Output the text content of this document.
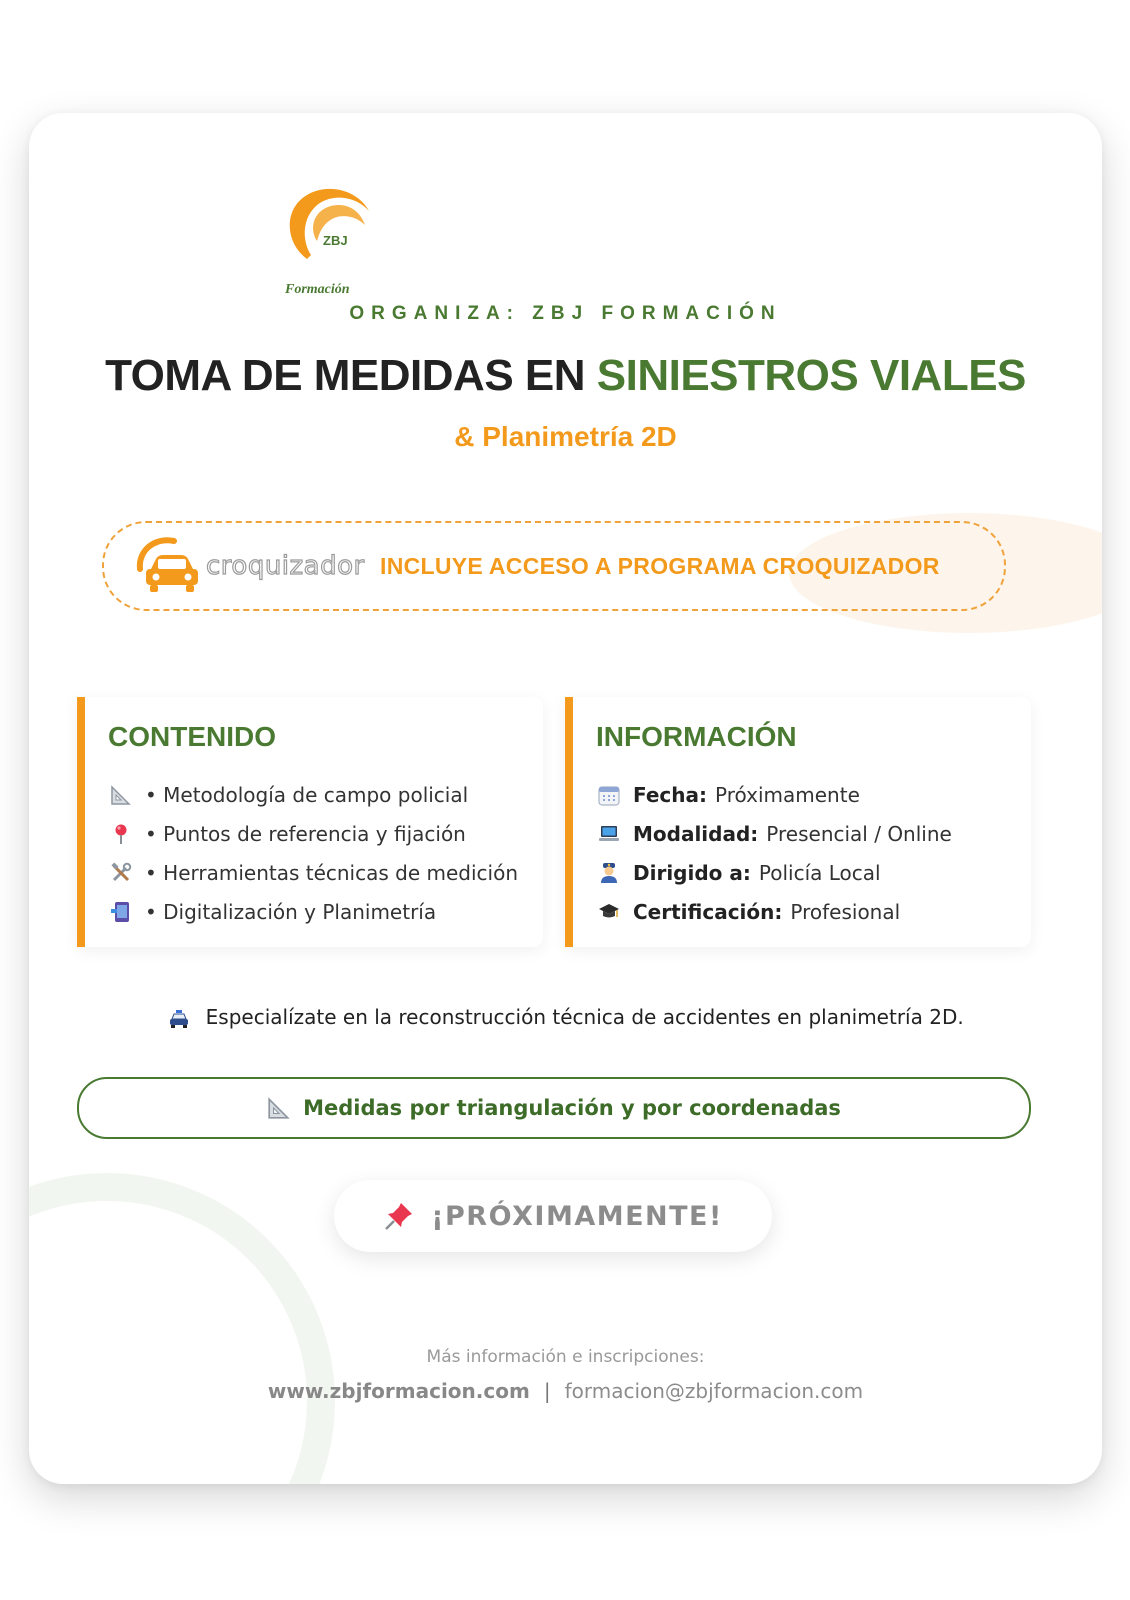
ZBJ
Formación
ORGANIZA: ZBJ FORMACIÓN
TOMA DE MEDIDAS EN SINIESTROS VIALES
& Planimetría 2D
croquizador INCLUYE ACCESO A PROGRAMA CROQUIZADOR
CONTENIDO
• Metodología de campo policial
• Puntos de referencia y fijación
• Herramientas técnicas de medición
• Digitalización y Planimetría
INFORMACIÓN
Fecha: Próximamente
Modalidad: Presencial / Online
Dirigido a: Policía Local
Certificación: Profesional
Especialízate en la reconstrucción técnica de accidentes en planimetría 2D.
Medidas por triangulación y por coordenadas
¡PRÓXIMAMENTE!
Más información e inscripciones:
www.zbjformacion.com | formacion@zbjformacion.com
